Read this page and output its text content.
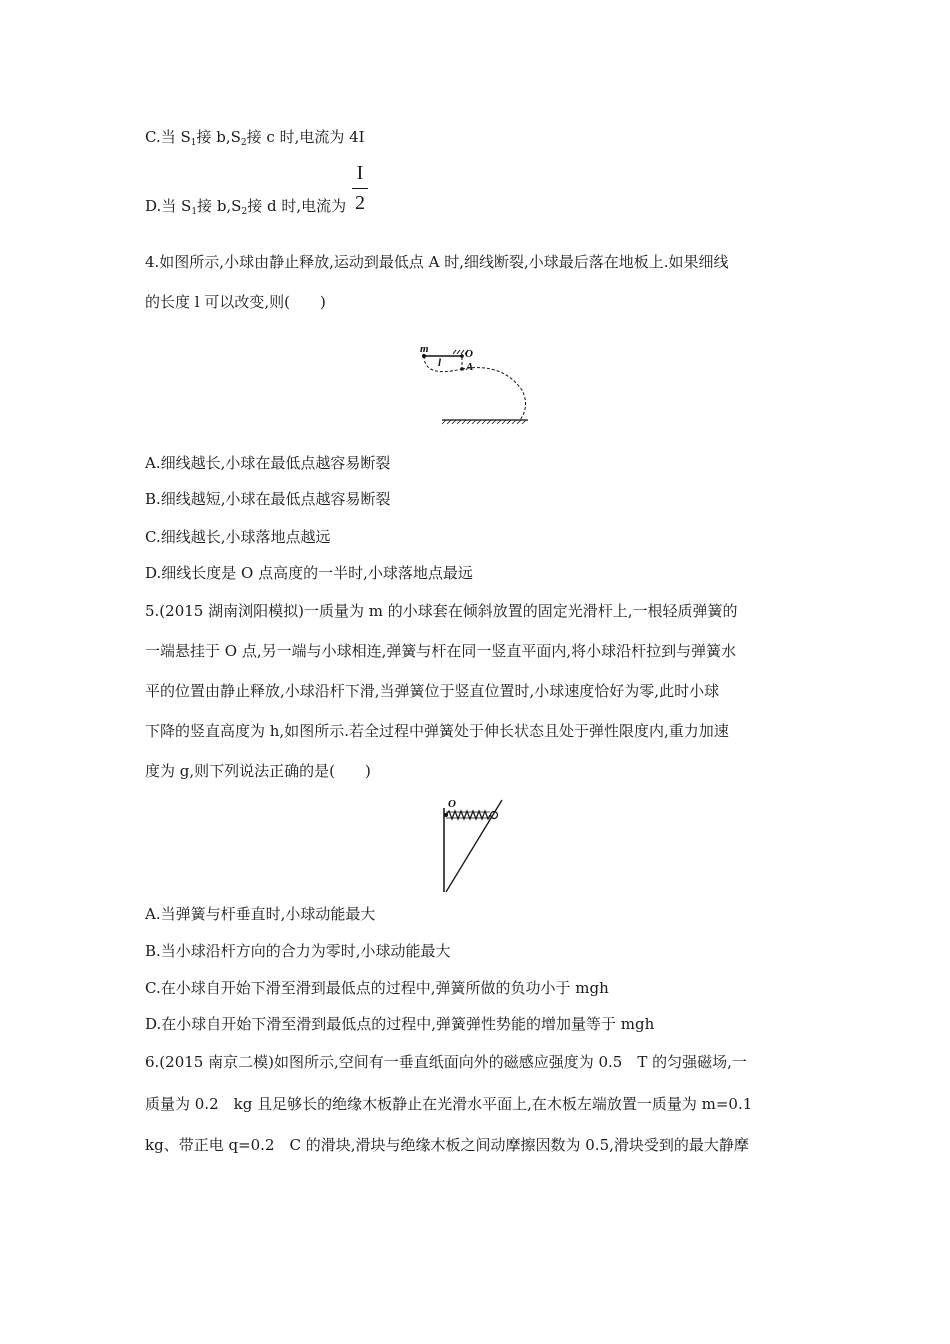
C.当 $S_1$接 $b,S_2$接 c 时,电流为 4I
D.当 $S_1$接 $b,S_2$接 d 时,电流为
I
2
4.如图所示,小球由静止释放,运动到最低点 A 时,细线断裂,小球最后落在地板上.如果细线
的长度 l 可以改变,则(　　)
m	O
l A
A.细线越长,小球在最低点越容易断裂
B.细线越短,小球在最低点越容易断裂
C.细线越长,小球落地点越远
D.细线长度是 O 点高度的一半时,小球落地点最远
5.(2015 湖南浏阳模拟)一质量为 m 的小球套在倾斜放置的固定光滑杆上,一根轻质弹簧的
一端悬挂于 O 点,另一端与小球相连,弹簧与杆在同一竖直平面内,将小球沿杆拉到与弹簧水
平的位置由静止释放,小球沿杆下滑,当弹簧位于竖直位置时,小球速度恰好为零,此时小球
下降的竖直高度为 h,如图所示.若全过程中弹簧处于伸长状态且处于弹性限度内,重力加速
度为 g,则下列说法正确的是(　　)
O
A.当弹簧与杆垂直时,小球动能最大
B.当小球沿杆方向的合力为零时,小球动能最大
C.在小球自开始下滑至滑到最低点的过程中,弹簧所做的负功小于 mgh
D.在小球自开始下滑至滑到最低点的过程中,弹簧弹性势能的增加量等于 mgh
6.(2015 南京二模)如图所示,空间有一垂直纸面向外的磁感应强度为 0.5　T 的匀强磁场,一
质量为 0.2　kg 且足够长的绝缘木板静止在光滑水平面上,在木板左端放置一质量为 m=0.1
kg、带正电 q=0.2　C 的滑块,滑块与绝缘木板之间动摩擦因数为 0.5,滑块受到的最大静摩
